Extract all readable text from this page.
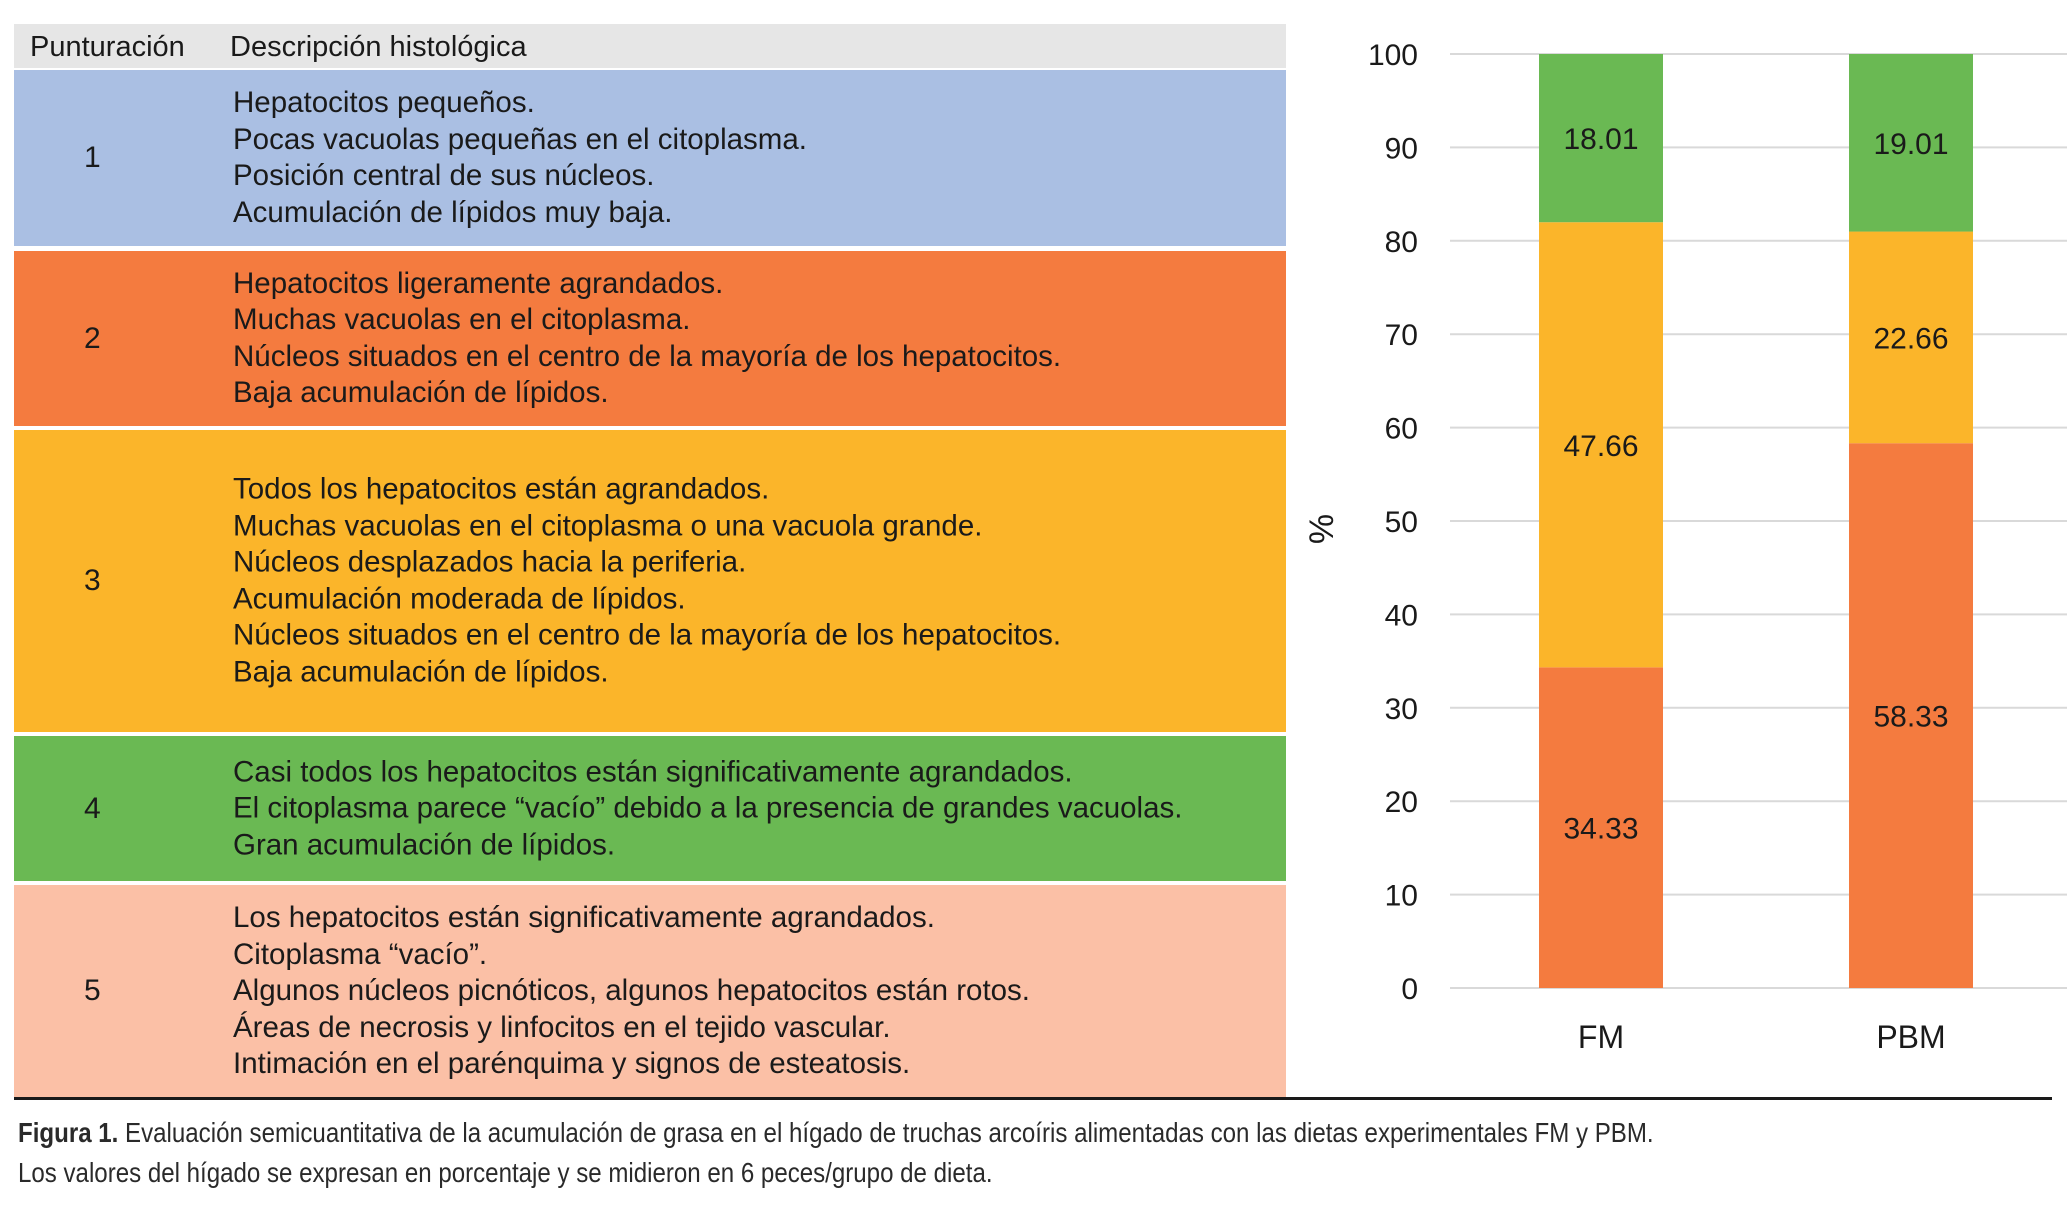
Punturación Descripción histológica
1
Hepatocitos pequeños.
Pocas vacuolas pequeñas en el citoplasma.
Posición central de sus núcleos.
Acumulación de lípidos muy baja.
2
Hepatocitos ligeramente agrandados.
Muchas vacuolas en el citoplasma.
Núcleos situados en el centro de la mayoría de los hepatocitos.
Baja acumulación de lípidos.
3
Todos los hepatocitos están agrandados.
Muchas vacuolas en el citoplasma o una vacuola grande.
Núcleos desplazados hacia la periferia.
Acumulación moderada de lípidos.
Núcleos situados en el centro de la mayoría de los hepatocitos.
Baja acumulación de lípidos.
4
Casi todos los hepatocitos están significativamente agrandados.
El citoplasma parece “vacío” debido a la presencia de grandes vacuolas.
Gran acumulación de lípidos.
5
Los hepatocitos están significativamente agrandados.
Citoplasma “vacío”.
Algunos núcleos picnóticos, algunos hepatocitos están rotos.
Áreas de necrosis y linfocitos en el tejido vascular.
Intimación en el parénquima y signos de esteatosis.
0
10
20
30
40
50
60
70
80
90
100
%
34.33
47.66
18.01
FM
58.33
22.66
19.01
PBM
Figura 1. Evaluación semicuantitativa de la acumulación de grasa en el hígado de truchas arcoíris alimentadas con las dietas experimentales FM y PBM.
Los valores del hígado se expresan en porcentaje y se midieron en 6 peces/grupo de dieta.
